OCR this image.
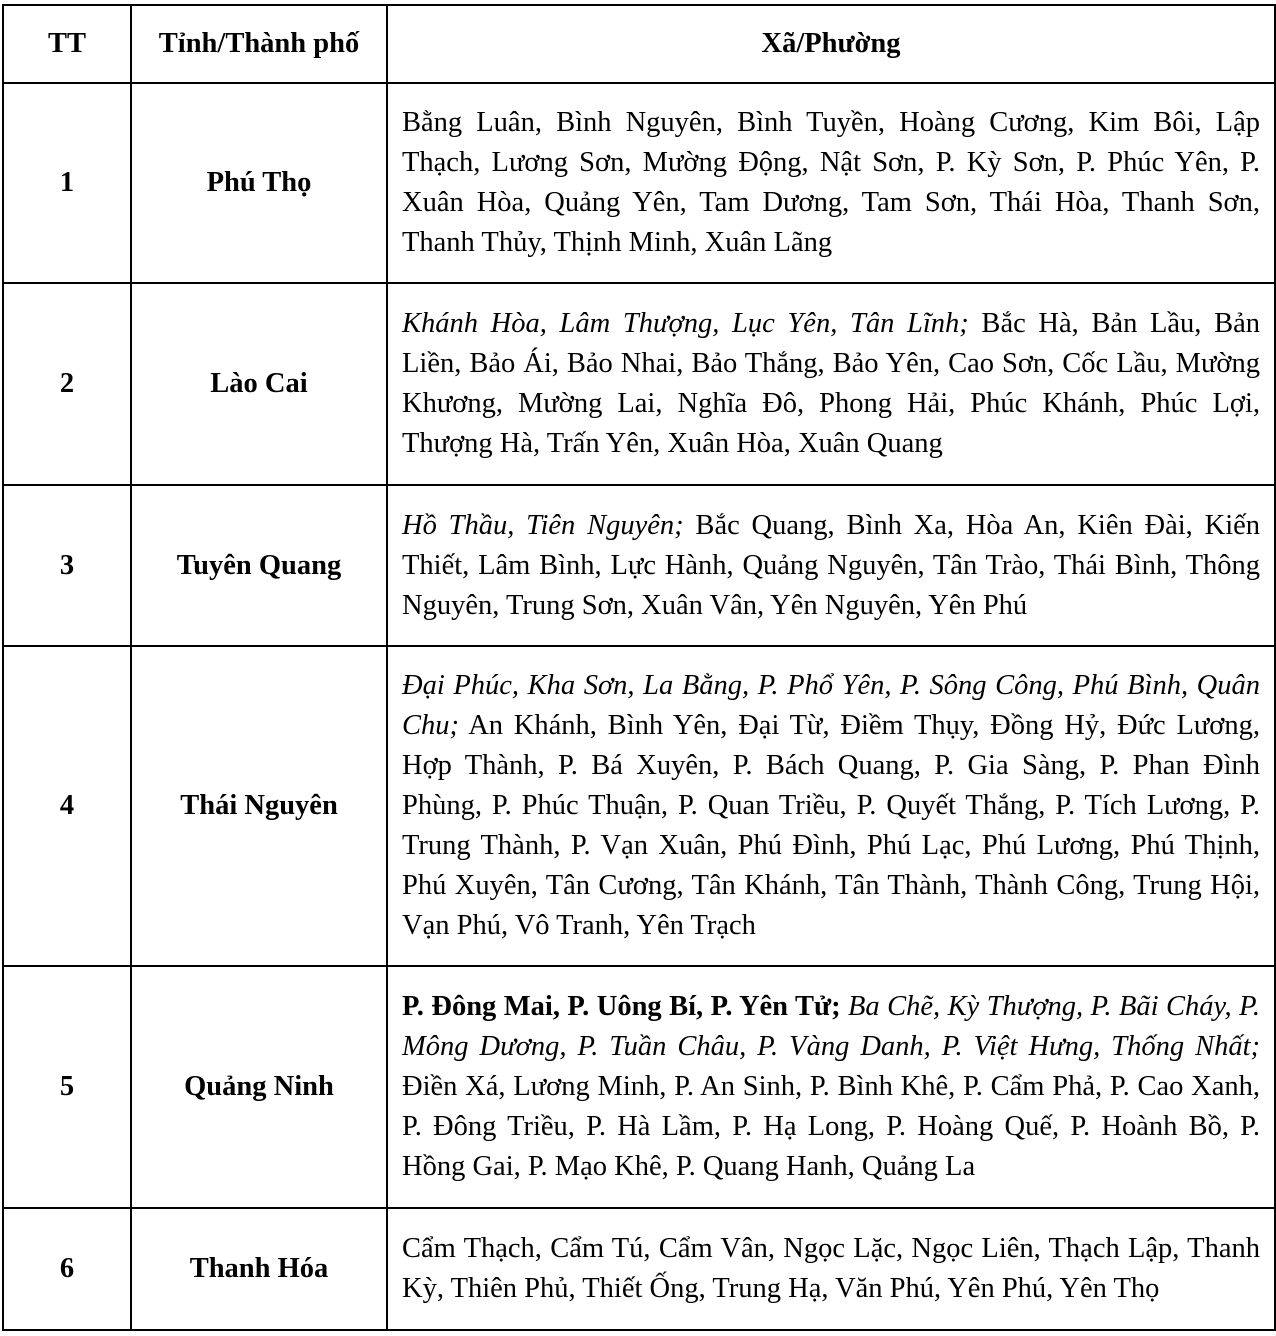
TT	Tỉnh/Thành phố	Xã/Phường
1	Phú Thọ	Bằng Luân, Bình Nguyên, Bình Tuyền, Hoàng Cương, Kim Bôi, Lập Thạch, Lương Sơn, Mường Động, Nật Sơn, P. Kỳ Sơn, P. Phúc Yên, P. Xuân Hòa, Quảng Yên, Tam Dương, Tam Sơn, Thái Hòa, Thanh Sơn, Thanh Thủy, Thịnh Minh, Xuân Lãng
2	Lào Cai	Khánh Hòa, Lâm Thượng, Lục Yên, Tân Lĩnh; Bắc Hà, Bản Lầu, Bản Liền, Bảo Ái, Bảo Nhai, Bảo Thắng, Bảo Yên, Cao Sơn, Cốc Lầu, Mường Khương, Mường Lai, Nghĩa Đô, Phong Hải, Phúc Khánh, Phúc Lợi, Thượng Hà, Trấn Yên, Xuân Hòa, Xuân Quang
3	Tuyên Quang	Hồ Thầu, Tiên Nguyên; Bắc Quang, Bình Xa, Hòa An, Kiên Đài, Kiến Thiết, Lâm Bình, Lực Hành, Quảng Nguyên, Tân Trào, Thái Bình, Thông Nguyên, Trung Sơn, Xuân Vân, Yên Nguyên, Yên Phú
4	Thái Nguyên	Đại Phúc, Kha Sơn, La Bằng, P. Phổ Yên, P. Sông Công, Phú Bình, Quân Chu; An Khánh, Bình Yên, Đại Từ, Điềm Thụy, Đồng Hỷ, Đức Lương, Hợp Thành, P. Bá Xuyên, P. Bách Quang, P. Gia Sàng, P. Phan Đình Phùng, P. Phúc Thuận, P. Quan Triều, P. Quyết Thắng, P. Tích Lương, P. Trung Thành, P. Vạn Xuân, Phú Đình, Phú Lạc, Phú Lương, Phú Thịnh, Phú Xuyên, Tân Cương, Tân Khánh, Tân Thành, Thành Công, Trung Hội, Vạn Phú, Vô Tranh, Yên Trạch
5	Quảng Ninh	P. Đông Mai, P. Uông Bí, P. Yên Tử; Ba Chẽ, Kỳ Thượng, P. Bãi Cháy, P. Mông Dương, P. Tuần Châu, P. Vàng Danh, P. Việt Hưng, Thống Nhất; Điền Xá, Lương Minh, P. An Sinh, P. Bình Khê, P. Cẩm Phả, P. Cao Xanh, P. Đông Triều, P. Hà Lầm, P. Hạ Long, P. Hoàng Quế, P. Hoành Bồ, P. Hồng Gai, P. Mạo Khê, P. Quang Hanh, Quảng La
6	Thanh Hóa	Cẩm Thạch, Cẩm Tú, Cẩm Vân, Ngọc Lặc, Ngọc Liên, Thạch Lập, Thanh Kỳ, Thiên Phủ, Thiết Ống, Trung Hạ, Văn Phú, Yên Phú, Yên Thọ
